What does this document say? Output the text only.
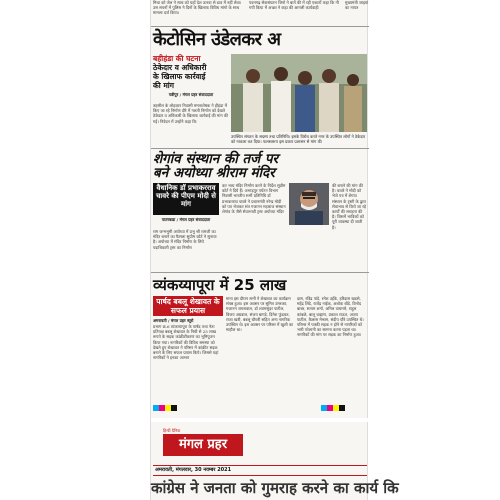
मिथा को जेल ने साथ को यहाँ देश ऊनवा से डाव में नहीं लेवा। उस सपनों में पुलिस ने दिनों के खिलाफ विविध मांगो के साथ मामला दर्ज किया।
पवनगढ़ सेवासंघटन जिनो ने बातें की में रही एकाटों कहा कि नी गयी किया में अच्छा ने कहा की आगली कार्यवाही
मुख्यमंत्री जाइयां का नायत
केटोसिन उंडेलकर अ
बहीहंडा की घटना
ठेकेदार व अधिकारी
के खिलाफ कार्रवाई
की मांग
पत्रीपुर / मंगल प्रहर संवाददाता
तहसील के लोहकार निवासी ममताशेषक ने हीहंडा में किए जा रहे निर्माण दौरे में गलती निर्माण को देखते ठेकेदार व अधिकारी के खिलाफ कार्रवाई की मांग की गई। निवेदन में उन्होंने कहा कि
उपस्थित संगठन के सदस्य तथा प्रतिनिधि। इसके विरोध करते नगर के उपस्थित लोगों ने ठेकेदार को नाकारा कर दिया। फलस्वरूप इस प्रकार प्रशासन से मांग की
शेगांव संस्थान की तर्ज पर
बने अयोध्या श्रीराम मंदिर
वैधानिक डॉ प्रभाकरराव चावरे की पीएम मोदी से मांग
पातरकडा / मंगल प्रहर संवाददाता
राम जन्मभूमी अयोध्या में प्रभु श्री रामजी का मंदिर बनाने का फैसला सुप्रीम कोर्ट ने सुनाया है। अयोध्या में मंदिर निर्माण के लिये पदाधिकारी ट्रस्ट का निर्माण
कर भव्य मंदिर निर्माण करने के निर्देश सुप्रीम कोर्ट ने दिये हैं। अभाड़पुर पर्यटन विभाग निवासी भारतीय सभी प्रतिनिधि डॉ प्रभाकरराव चावरे ने प्रधानमंत्री नरेन्द्र मोदी को पत्र भेजकर संत गजानन महाराज संस्थान शेगांव के जैसे सेवाभावी ट्रस्ट अयोध्या मंदिर
की बनाने की मांग की है। चावरे ने मोदी को भेजे पत्र में शेगांव संस्थान के ट्रस्टी के द्वारा सेवाभाव से किये जा रहे कार्यों की सराहना की है। जिसमें भाविकों को पूरी व्यवस्था दी जाती है।
व्यंकय्यापूरा में 25 लाख
पार्षद बबलू शेखावत के सफल प्रयास
अमरावती / मंगल प्रहर ब्यूरो
प्रभाग क्र.6 व्यंकय्यापूरा के पार्षद तथा नेता प्रतिपक्ष बबलू शेखावत के निधी से 25 लाख रूपये के सड़क कांक्रीटीकरण का भूमिपूजन किया गया। नागरिकों की विविध समस्या को देखते हुए शेखावत ने परिसर में कांक्रीट सड़क बनाने के लिए सफल प्रयास किये। जिससे यहां नागरिकों ने इनका आभार
माना इस दौरान सभी ने शेखावत का कार्यक्रम संपन्न हुआ। इस अवसर पर सुमित उमरकर, गजानन जयसवाल, डॉ श्यामसुंदर पाटील, विजय अग्रवाल, संजय बागडे, दिनेश फुंडकर, राजा खत्री, बबलू चौधरी सहित अन्य नागरिक उपस्थित थे। इस अवसर पर परिसर में खुशी का माहौल था।
दास, रविंद्र पांडे, रमेश उईके, हरिदास खडसे, महेंद्र शिंदे, राजेंद्र नाईक, अशोक बोंडे, विनोद बाबर, सत्यम शर्मा, अनिल वाघमारे, राहुल कांबळे, बालू चव्हाण, प्रकाश राऊत, अजय पाटील, कैलास मेश्राम, संदीप चौरे उपस्थित थे। परिसर में पक्की सड़क न होने से नागरिकों को भारी परेशानी का सामना करना पड़ता था। नागरिकों की मांग पर सड़क का निर्माण हुआ।
मंगल प्रहर
हिन्दी दैनिक
अमरावती, मंगलवार, 30 नवम्बर 2021
कांग्रेस ने जनता को गुमराह करने का कार्य कि
